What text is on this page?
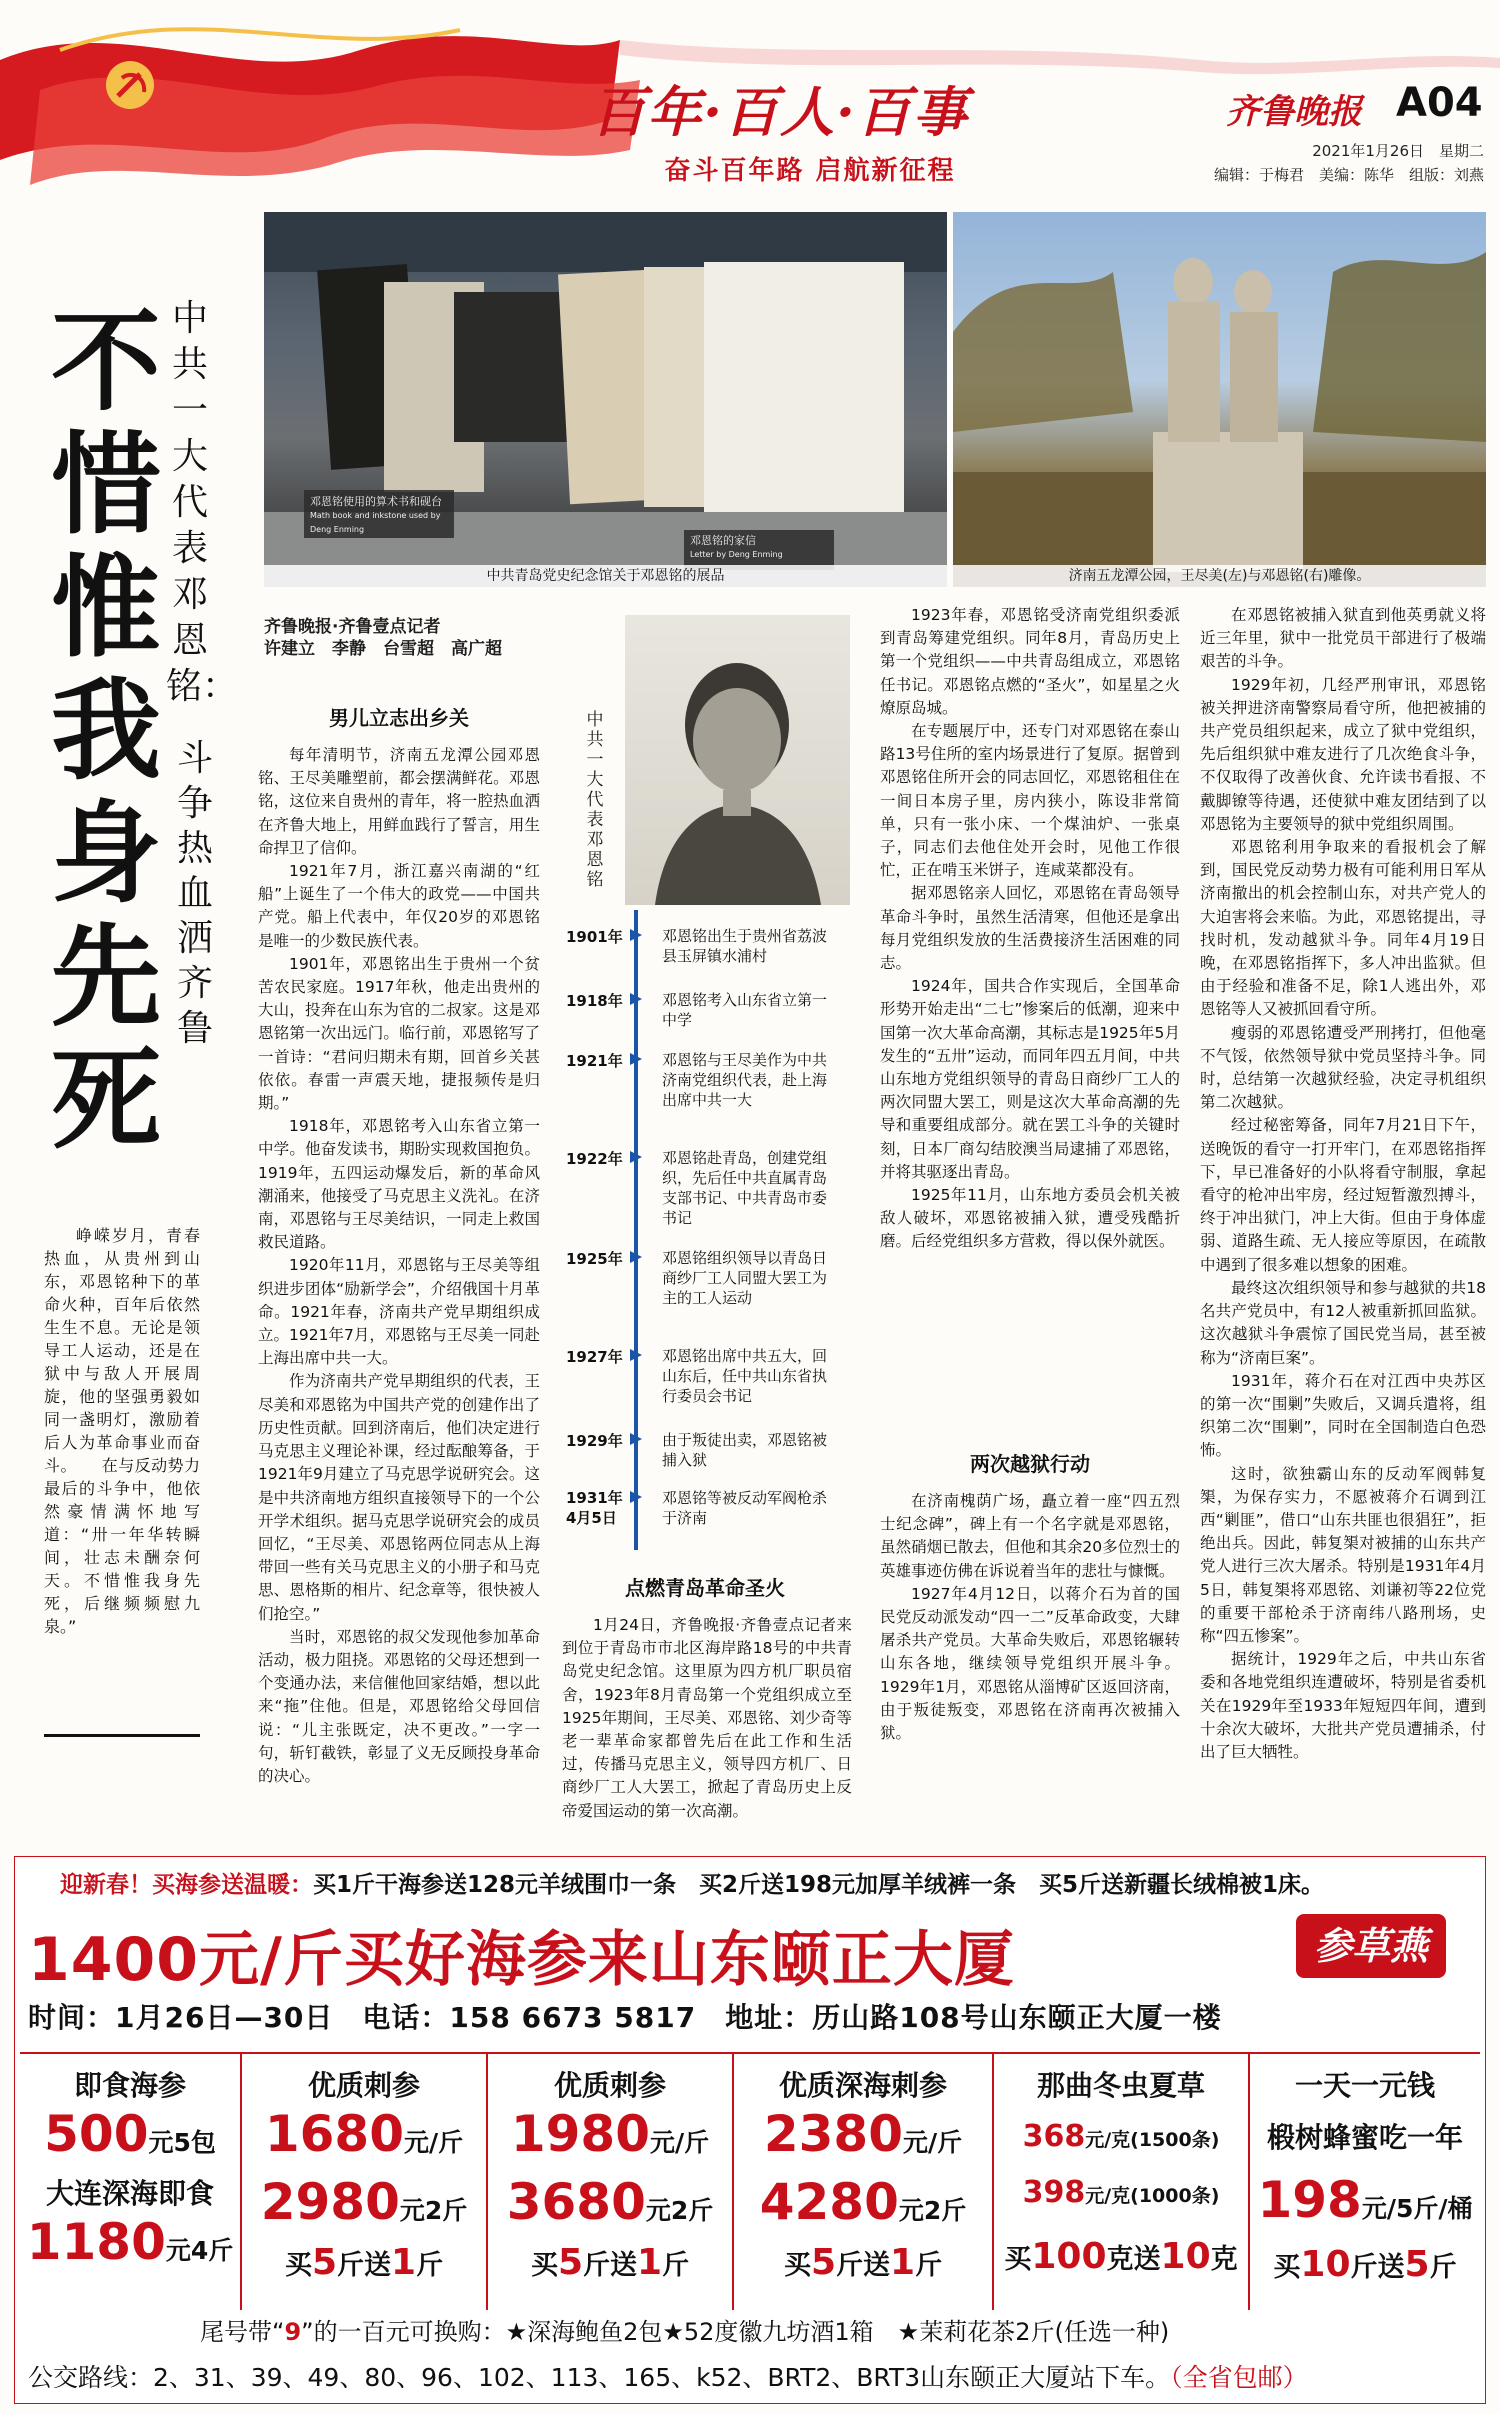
百年·百人·百事
奋斗百年路 启航新征程
齐鲁晚报 A04
2021年1月26日　星期二
编辑：于梅君　美编：陈华　组版：刘燕
邓恩铭使用的算术书和砚台
Math book and inkstone used by Deng Enming
邓恩铭的家信
Letter by Deng Enming
中共青岛党史纪念馆关于邓恩铭的展品	济南五龙潭公园，王尽美(左)与邓恩铭(右)雕像。
中共一大代表邓恩铭：
斗争热血洒齐鲁
不惜惟我身先死
峥嵘岁月，青春热血，从贵州到山东，邓恩铭种下的革命火种，百年后依然生生不息。无论是领导工人运动，还是在狱中与敌人开展周旋，他的坚强勇毅如同一盏明灯，激励着后人为革命事业而奋斗。　　在与反动势力最后的斗争中，他依然豪情满怀地写道：“卅一年华转瞬间，壮志未酬奈何天。不惜惟我身先死，后继频频慰九泉。”
齐鲁晚报·齐鲁壹点记者
许建立　李静　台雪超　高广超
男儿立志出乡关

每年清明节，济南五龙潭公园邓恩铭、王尽美雕塑前，都会摆满鲜花。邓恩铭，这位来自贵州的青年，将一腔热血洒在齐鲁大地上，用鲜血践行了誓言，用生命捍卫了信仰。

1921年7月，浙江嘉兴南湖的“红船”上诞生了一个伟大的政党——中国共产党。船上代表中，年仅20岁的邓恩铭是唯一的少数民族代表。

1901年，邓恩铭出生于贵州一个贫苦农民家庭。1917年秋，他走出贵州的大山，投奔在山东为官的二叔家。这是邓恩铭第一次出远门。临行前，邓恩铭写了一首诗：“君问归期未有期，回首乡关甚依依。春雷一声震天地，捷报频传是归期。”

1918年，邓恩铭考入山东省立第一中学。他奋发读书，期盼实现救国抱负。1919年，五四运动爆发后，新的革命风潮涌来，他接受了马克思主义洗礼。在济南，邓恩铭与王尽美结识，一同走上救国救民道路。

1920年11月，邓恩铭与王尽美等组织进步团体“励新学会”，介绍俄国十月革命。1921年春，济南共产党早期组织成立。1921年7月，邓恩铭与王尽美一同赴上海出席中共一大。

作为济南共产党早期组织的代表，王尽美和邓恩铭为中国共产党的创建作出了历史性贡献。回到济南后，他们决定进行马克思主义理论补课，经过酝酿筹备，于1921年9月建立了马克思学说研究会。这是中共济南地方组织直接领导下的一个公开学术组织。据马克思学说研究会的成员回忆，“王尽美、邓恩铭两位同志从上海带回一些有关马克思主义的小册子和马克思、恩格斯的相片、纪念章等，很快被人们抢空。”

当时，邓恩铭的叔父发现他参加革命活动，极力阻挠。邓恩铭的父母还想到一个变通办法，来信催他回家结婚，想以此来“拖”住他。但是，邓恩铭给父母回信说：“儿主张既定，决不更改。”一字一句，斩钉截铁，彰显了义无反顾投身革命的决心。

中共一大代表邓恩铭
1901年	邓恩铭出生于贵州省荔波县玉屏镇水浦村
1918年	邓恩铭考入山东省立第一中学
1921年	邓恩铭与王尽美作为中共济南党组织代表，赴上海出席中共一大
1922年	邓恩铭赴青岛，创建党组织，先后任中共直属青岛支部书记、中共青岛市委书记
1925年	邓恩铭组织领导以青岛日商纱厂工人同盟大罢工为主的工人运动
1927年	邓恩铭出席中共五大，回山东后，任中共山东省执行委员会书记
1929年	由于叛徒出卖，邓恩铭被捕入狱
1931年4月5日
邓恩铭等被反动军阀枪杀于济南
点燃青岛革命圣火

1月24日，齐鲁晚报·齐鲁壹点记者来到位于青岛市市北区海岸路18号的中共青岛党史纪念馆。这里原为四方机厂职员宿舍，1923年8月青岛第一个党组织成立至1925年期间，王尽美、邓恩铭、刘少奇等老一辈革命家都曾先后在此工作和生活过，传播马克思主义，领导四方机厂、日商纱厂工人大罢工，掀起了青岛历史上反帝爱国运动的第一次高潮。

1923年春，邓恩铭受济南党组织委派到青岛筹建党组织。同年8月，青岛历史上第一个党组织——中共青岛组成立，邓恩铭任书记。邓恩铭点燃的“圣火”，如星星之火燎原岛城。

在专题展厅中，还专门对邓恩铭在泰山路13号住所的室内场景进行了复原。据曾到邓恩铭住所开会的同志回忆，邓恩铭租住在一间日本房子里，房内狭小，陈设非常简单，只有一张小床、一个煤油炉、一张桌子，同志们去他住处开会时，见他工作很忙，正在啃玉米饼子，连咸菜都没有。

据邓恩铭亲人回忆，邓恩铭在青岛领导革命斗争时，虽然生活清寒，但他还是拿出每月党组织发放的生活费接济生活困难的同志。

1924年，国共合作实现后，全国革命形势开始走出“二七”惨案后的低潮，迎来中国第一次大革命高潮，其标志是1925年5月发生的“五卅”运动，而同年四五月间，中共山东地方党组织领导的青岛日商纱厂工人的两次同盟大罢工，则是这次大革命高潮的先导和重要组成部分。就在罢工斗争的关键时刻，日本厂商勾结胶澳当局逮捕了邓恩铭，并将其驱逐出青岛。

1925年11月，山东地方委员会机关被敌人破坏，邓恩铭被捕入狱，遭受残酷折磨。后经党组织多方营救，得以保外就医。

两次越狱行动

在济南槐荫广场，矗立着一座“四五烈士纪念碑”，碑上有一个名字就是邓恩铭，虽然硝烟已散去，但他和其余20多位烈士的英雄事迹仿佛在诉说着当年的悲壮与慷慨。

1927年4月12日，以蒋介石为首的国民党反动派发动“四一二”反革命政变，大肆屠杀共产党员。大革命失败后，邓恩铭辗转山东各地，继续领导党组织开展斗争。1929年1月，邓恩铭从淄博矿区返回济南，由于叛徒叛变，邓恩铭在济南再次被捕入狱。

在邓恩铭被捕入狱直到他英勇就义将近三年里，狱中一批党员干部进行了极端艰苦的斗争。

1929年初，几经严刑审讯，邓恩铭被关押进济南警察局看守所，他把被捕的共产党员组织起来，成立了狱中党组织，先后组织狱中难友进行了几次绝食斗争，不仅取得了改善伙食、允许读书看报、不戴脚镣等待遇，还使狱中难友团结到了以邓恩铭为主要领导的狱中党组织周围。

邓恩铭利用争取来的看报机会了解到，国民党反动势力极有可能利用日军从济南撤出的机会控制山东，对共产党人的大迫害将会来临。为此，邓恩铭提出，寻找时机，发动越狱斗争。同年4月19日晚，在邓恩铭指挥下，多人冲出监狱。但由于经验和准备不足，除1人逃出外，邓恩铭等人又被抓回看守所。

瘦弱的邓恩铭遭受严刑拷打，但他毫不气馁，依然领导狱中党员坚持斗争。同时，总结第一次越狱经验，决定寻机组织第二次越狱。

经过秘密筹备，同年7月21日下午，送晚饭的看守一打开牢门，在邓恩铭指挥下，早已准备好的小队将看守制服，拿起看守的枪冲出牢房，经过短暂激烈搏斗，终于冲出狱门，冲上大街。但由于身体虚弱、道路生疏、无人接应等原因，在疏散中遇到了很多难以想象的困难。

最终这次组织领导和参与越狱的共18名共产党员中，有12人被重新抓回监狱。这次越狱斗争震惊了国民党当局，甚至被称为“济南巨案”。

1931年，蒋介石在对江西中央苏区的第一次“围剿”失败后，又调兵遣将，组织第二次“围剿”，同时在全国制造白色恐怖。

这时，欲独霸山东的反动军阀韩复榘，为保存实力，不愿被蒋介石调到江西“剿匪”，借口“山东共匪也很猖狂”，拒绝出兵。因此，韩复榘对被捕的山东共产党人进行三次大屠杀。特别是1931年4月5日，韩复榘将邓恩铭、刘谦初等22位党的重要干部枪杀于济南纬八路刑场，史称“四五惨案”。

据统计，1929年之后，中共山东省委和各地党组织连遭破坏，特别是省委机关在1929年至1933年短短四年间，遭到十余次大破坏，大批共产党员遭捕杀，付出了巨大牺牲。

迎新春！买海参送温暖：买1斤干海参送128元羊绒围巾一条　买2斤送198元加厚羊绒裤一条　买5斤送新疆长绒棉被1床。
1400元/斤买好海参来山东颐正大厦	参草燕
时间：1月26日—30日　电话：158 6673 5817　地址：历山路108号山东颐正大厦一楼
即食海参
500元5包
大连深海即食
1180元4斤
优质刺参
1680元/斤
2980元2斤
买5斤送1斤
优质刺参
1980元/斤
3680元2斤
买5斤送1斤
优质深海刺参
2380元/斤
4280元2斤
买5斤送1斤
那曲冬虫夏草
368元/克(1500条)
398元/克(1000条)
买100克送10克
一天一元钱
椴树蜂蜜吃一年
198元/5斤/桶
买10斤送5斤
尾号带“9”的一百元可换购：★深海鲍鱼2包★52度徽九坊酒1箱　★茉莉花茶2斤(任选一种)
公交路线：2、31、39、49、80、96、102、113、165、k52、BRT2、BRT3山东颐正大厦站下车。（全省包邮）
